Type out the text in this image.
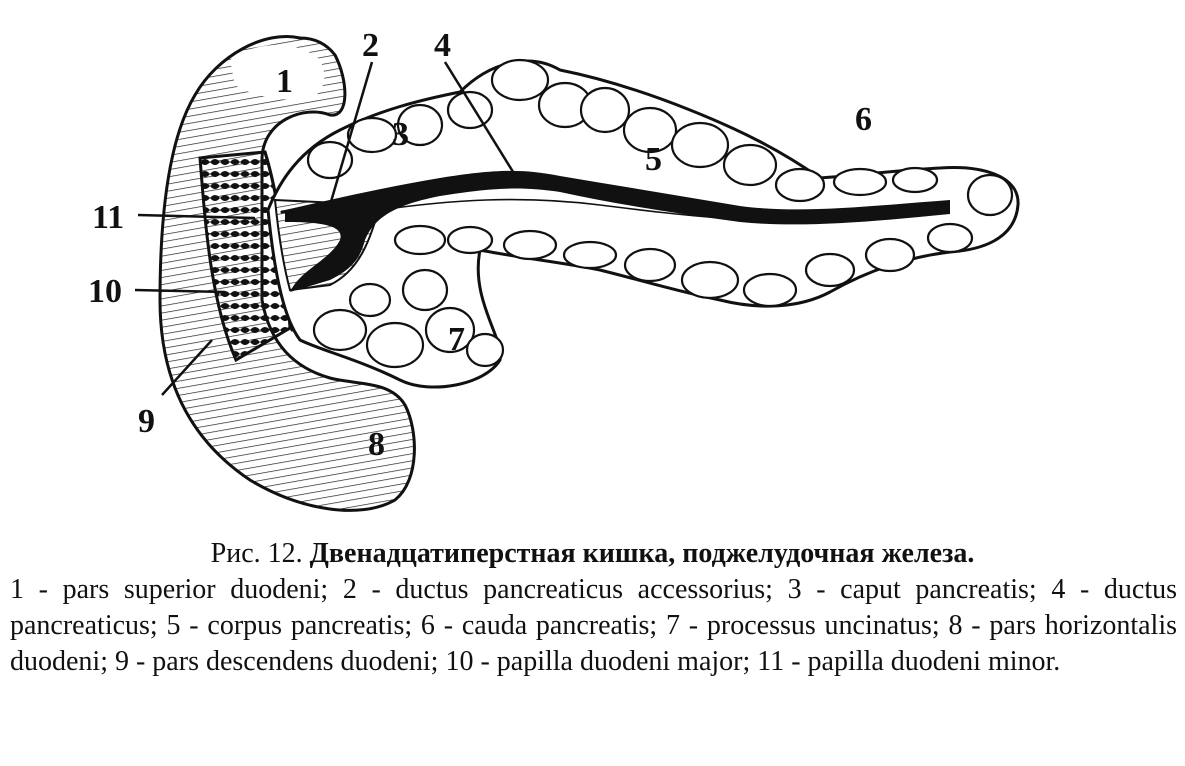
1
2
3
4
5
6
7
8
9
10
11
Рис. 12. Двенадцатиперстная кишка, поджелудочная железа.
1 - pars superior duodeni; 2 - ductus pancreaticus accessorius; 3 - caput pancreatis; 4 - ductus pancreaticus; 5 - corpus pancreatis; 6 - cauda pancreatis; 7 - processus uncinatus; 8 - pars horizontalis duodeni; 9 - pars descendens duodeni; 10 - papilla duodeni major; 11 - papilla duodeni minor.
